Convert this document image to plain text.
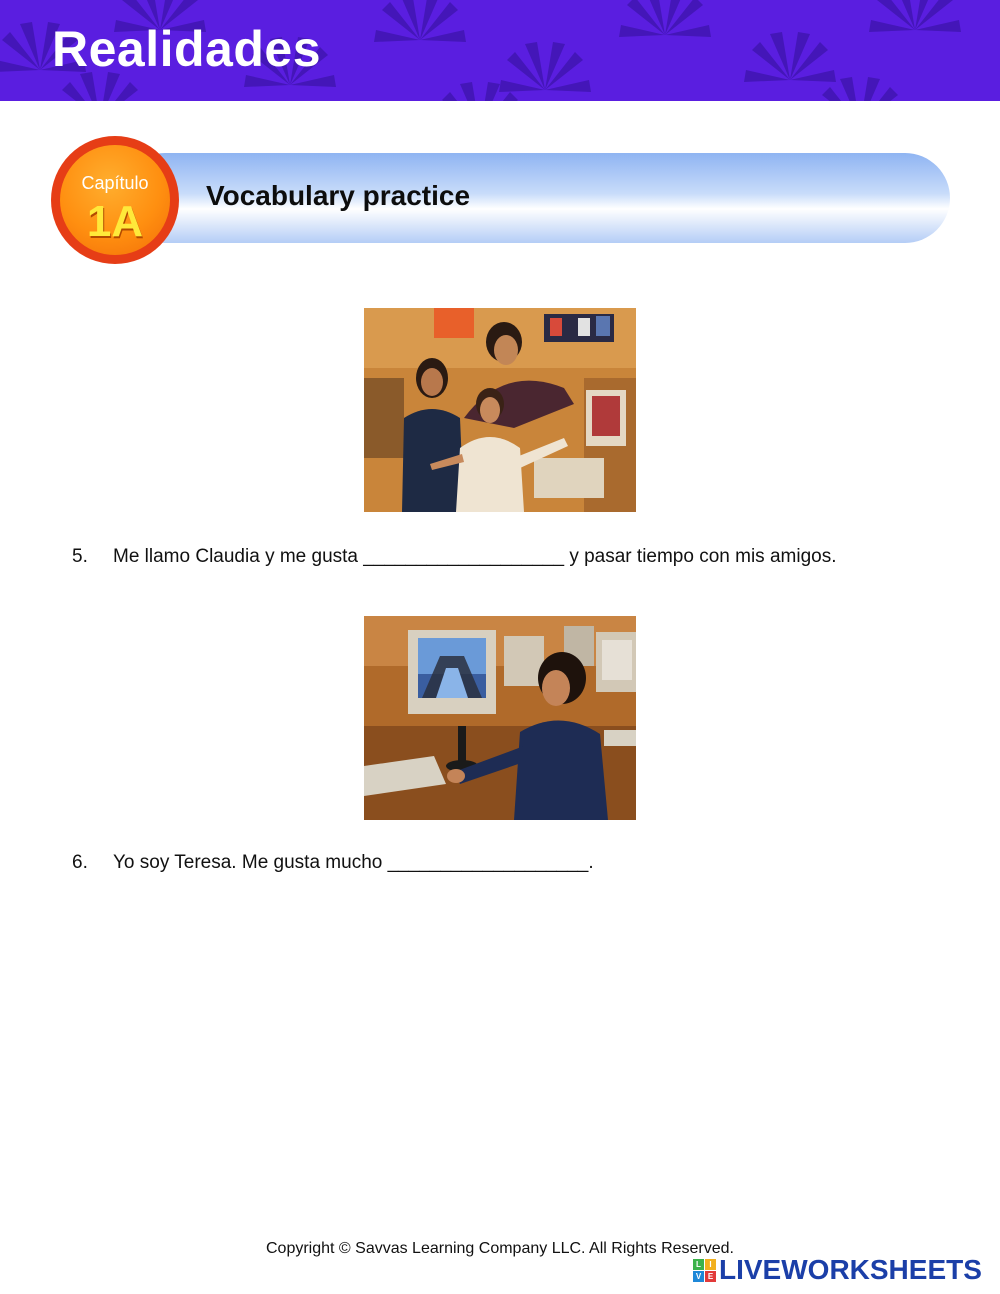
Realidades
Vocabulary practice
Capítulo
1A
5. Me llamo Claudia y me gusta ___________________ y pasar tiempo con mis amigos.
6. Yo soy Teresa. Me gusta mucho ___________________.
Copyright © Savvas Learning Company LLC. All Rights Reserved.
L	I
V E LIVEWORKSHEETS
